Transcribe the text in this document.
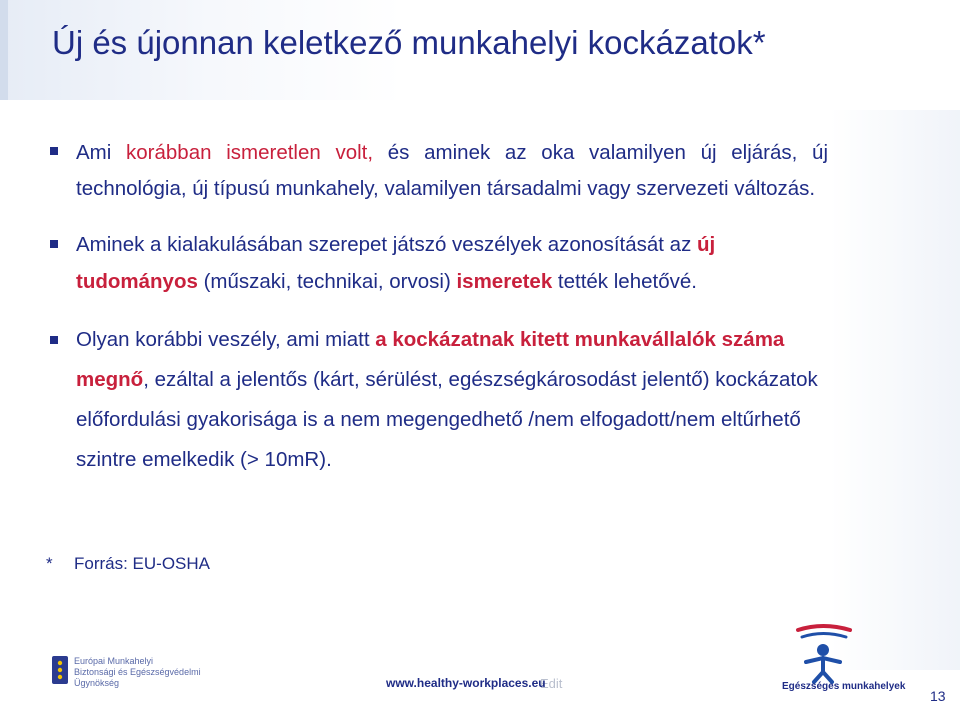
Új és újonnan keletkező munkahelyi kockázatok*
Ami korábban ismeretlen volt, és aminek az oka valamilyen új eljárás, új technológia, új típusú munkahely, valamilyen társadalmi vagy szervezeti változás.
Aminek a kialakulásában szerepet játszó veszélyek azonosítását az új tudományos (műszaki, technikai, orvosi) ismeretek tették lehetővé.
Olyan korábbi veszély, ami miatt a kockázatnak kitett munkavállalók száma megnő, ezáltal a jelentős (kárt, sérülést, egészségkárosodást jelentő) kockázatok előfordulási gyakorisága is a nem megengedhető /nem elfogadott/nem eltűrhető szintre emelkedik (> 10mR).
* Forrás: EU-OSHA
Európai Munkahelyi
Biztonsági és Egészségvédelmi
Ügynökség	Edit
www.healthy-workplaces.eu	Egészséges munkahelyek
13
